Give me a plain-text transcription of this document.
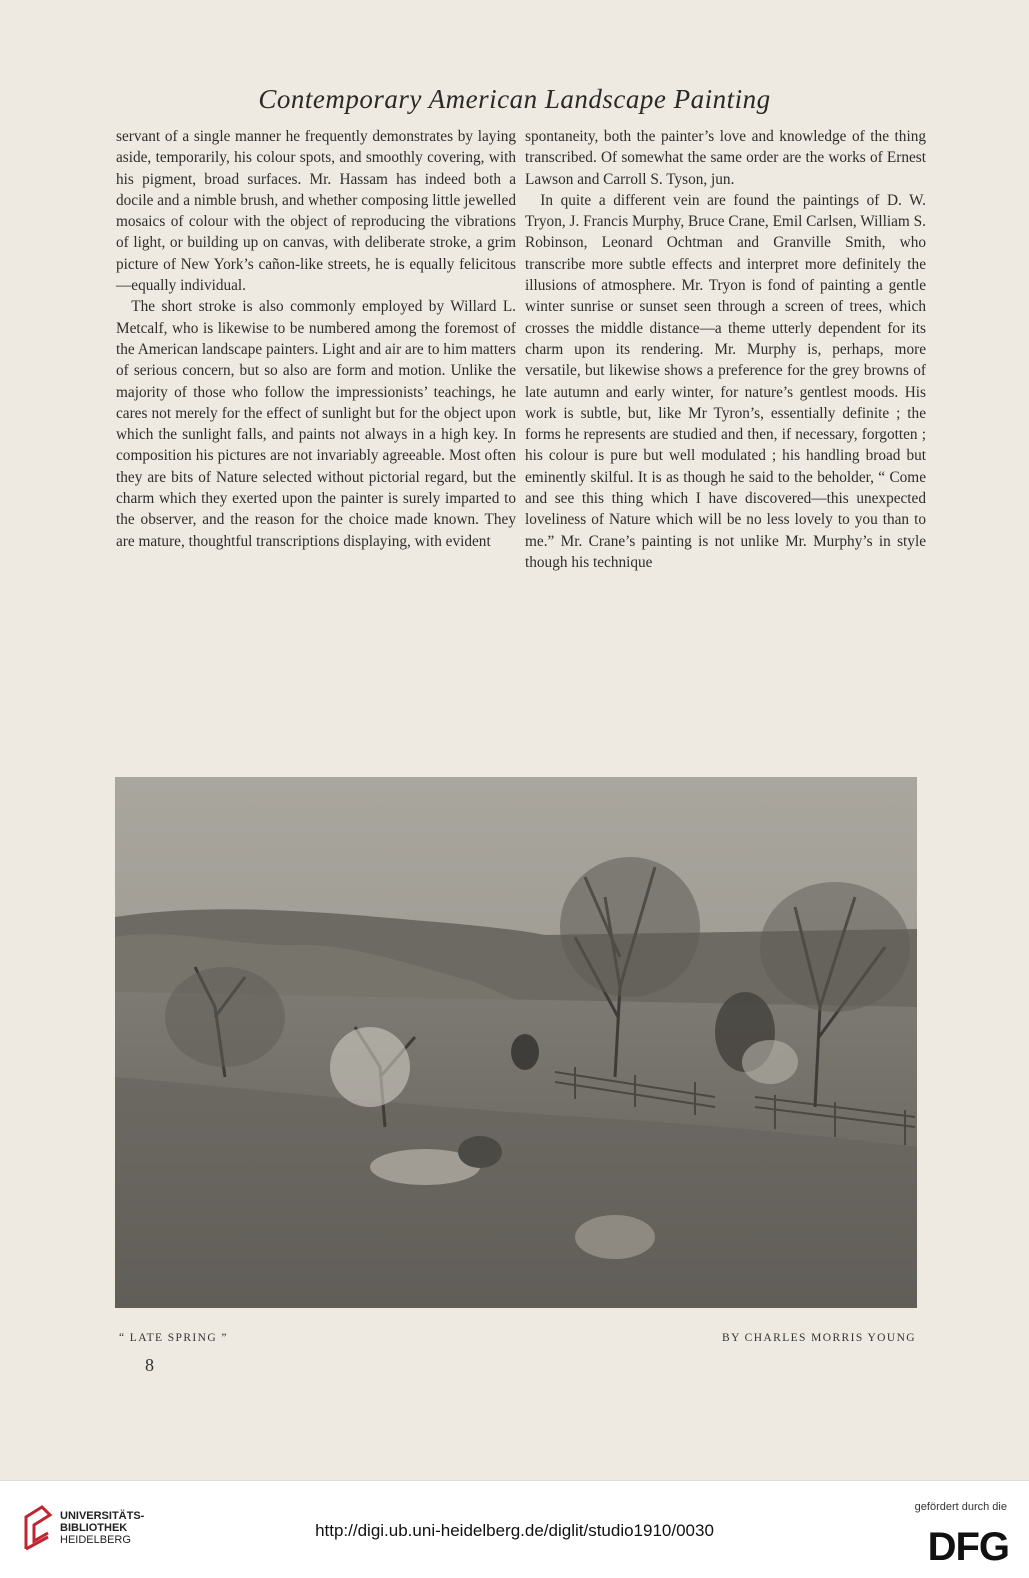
Contemporary American Landscape Painting

servant of a single manner he frequently demonstrates by laying aside, temporarily, his colour spots, and smoothly covering, with his pigment, broad surfaces. Mr. Hassam has indeed both a docile and a nimble brush, and whether composing little jewelled mosaics of colour with the object of reproducing the vibrations of light, or building up on canvas, with deliberate stroke, a grim picture of New York’s cañon-like streets, he is equally felicitous—equally individual.

The short stroke is also commonly employed by Willard L. Metcalf, who is likewise to be numbered among the foremost of the American landscape painters. Light and air are to him matters of serious concern, but so also are form and motion. Unlike the majority of those who follow the impressionists’ teachings, he cares not merely for the effect of sunlight but for the object upon which the sunlight falls, and paints not always in a high key. In composition his pictures are not invariably agreeable. Most often they are bits of Nature selected without pictorial regard, but the charm which they exerted upon the painter is surely imparted to the observer, and the reason for the choice made known. They are mature, thoughtful transcriptions displaying, with evident

spontaneity, both the painter’s love and knowledge of the thing transcribed. Of somewhat the same order are the works of Ernest Lawson and Carroll S. Tyson, jun.

In quite a different vein are found the paintings of D. W. Tryon, J. Francis Murphy, Bruce Crane, Emil Carlsen, William S. Robinson, Leonard Ochtman and Granville Smith, who transcribe more subtle effects and interpret more definitely the illusions of atmosphere. Mr. Tryon is fond of painting a gentle winter sunrise or sunset seen through a screen of trees, which crosses the middle distance—a theme utterly dependent for its charm upon its rendering. Mr. Murphy is, perhaps, more versatile, but likewise shows a preference for the grey browns of late autumn and early winter, for nature’s gentlest moods. His work is subtle, but, like Mr Tyron’s, essentially definite ; the forms he represents are studied and then, if necessary, forgotten ; his colour is pure but well modulated ; his handling broad but eminently skilful. It is as though he said to the beholder, “ Come and see this thing which I have discovered—this unexpected loveliness of Nature which will be no less lovely to you than to me.” Mr. Crane’s painting is not unlike Mr. Murphy’s in style though his technique

“ LATE SPRING ”	BY CHARLES MORRIS YOUNG
8
UNIVERSITÄTS-
BIBLIOTHEK
HEIDELBERG	http://digi.ub.uni-heidelberg.de/diglit/studio1910/0030
gefördert durch die
DFG
